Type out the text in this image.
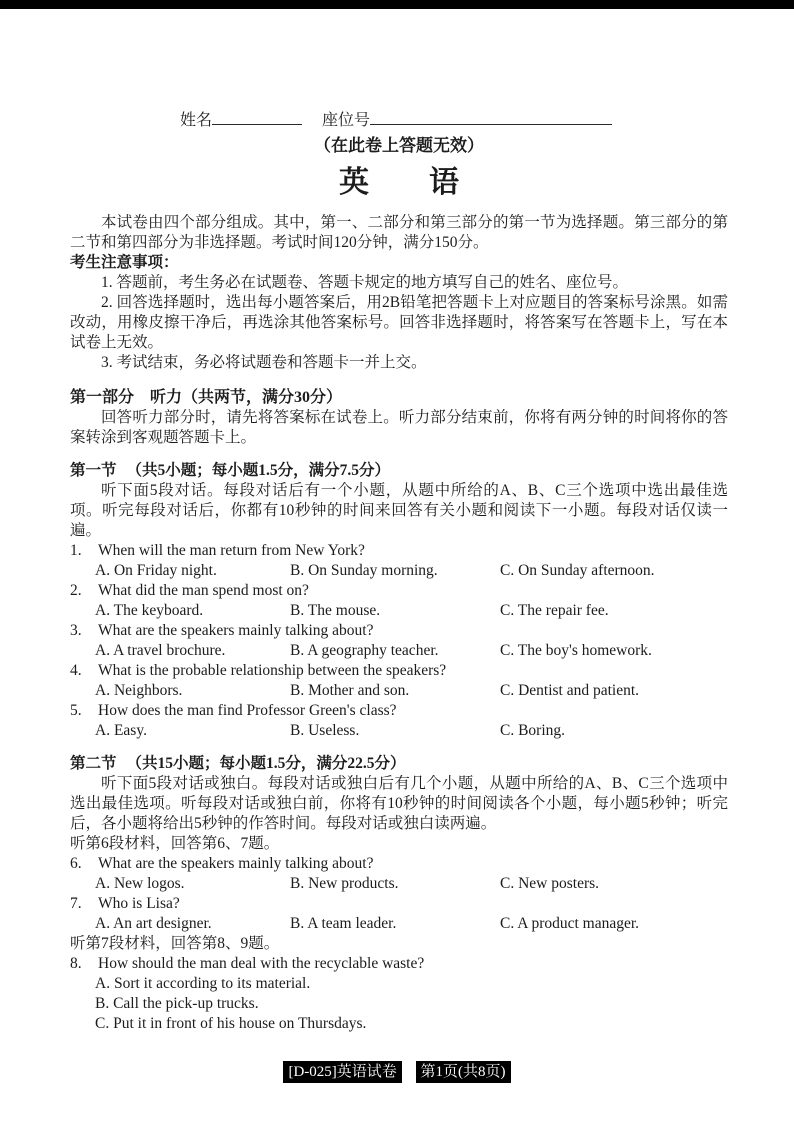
姓名	座位号
（在此卷上答题无效）
英　　语

本试卷由四个部分组成。其中，第一、二部分和第三部分的第一节为选择题。第三部分的第二节和第四部分为非选择题。考试时间120分钟，满分150分。

考生注意事项：

1. 答题前，考生务必在试题卷、答题卡规定的地方填写自己的姓名、座位号。

2. 回答选择题时，选出每小题答案后，用2B铅笔把答题卡上对应题目的答案标号涂黑。如需改动，用橡皮擦干净后，再选涂其他答案标号。回答非选择题时，将答案写在答题卡上，写在本试卷上无效。

3. 考试结束，务必将试题卷和答题卡一并上交。

第一部分　听力（共两节，满分30分）

回答听力部分时，请先将答案标在试卷上。听力部分结束前，你将有两分钟的时间将你的答案转涂到客观题答题卡上。

第一节 （共5小题；每小题1.5分，满分7.5分）

听下面5段对话。每段对话后有一个小题，从题中所给的A、B、C三个选项中选出最佳选项。听完每段对话后，你都有10秒钟的时间来回答有关小题和阅读下一小题。每段对话仅读一遍。

1. When will the man return from New York?
A. On Friday night.	B. On Sunday morning.	C. On Sunday afternoon.
2. What did the man spend most on?
A. The keyboard.	B. The mouse.	C. The repair fee.
3. What are the speakers mainly talking about?
A. A travel brochure.	B. A geography teacher.	C. The boy's homework.
4. What is the probable relationship between the speakers?
A. Neighbors.	B. Mother and son.	C. Dentist and patient.
5. How does the man find Professor Green's class?
A. Easy.	B. Useless.	C. Boring.

第二节 （共15小题；每小题1.5分，满分22.5分）

听下面5段对话或独白。每段对话或独白后有几个小题，从题中所给的A、B、C三个选项中选出最佳选项。听每段对话或独白前，你将有10秒钟的时间阅读各个小题，每小题5秒钟；听完后，各小题将给出5秒钟的作答时间。每段对话或独白读两遍。

听第6段材料，回答第6、7题。

6. What are the speakers mainly talking about?
A. New logos.	B. New products.	C. New posters.
7. Who is Lisa?
A. An art designer.	B. A team leader.	C. A product manager.

听第7段材料，回答第8、9题。

8. How should the man deal with the recyclable waste?
A. Sort it according to its material.
B. Call the pick-up trucks.
C. Put it in front of his house on Thursdays.
[D-025]英语试卷 第1页(共8页)
